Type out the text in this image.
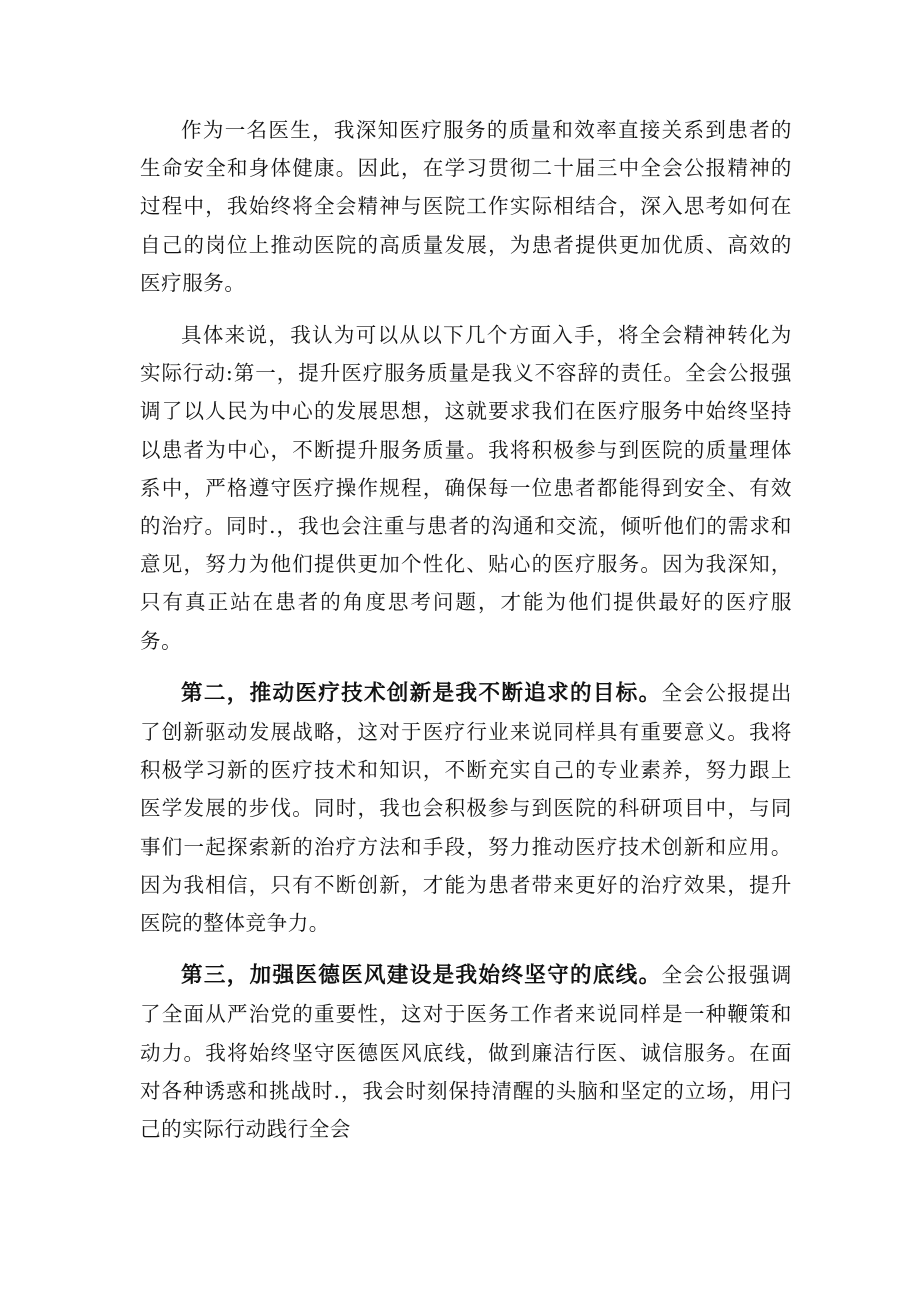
作为一名医生，我深知医疗服务的质量和效率直接关系到患者的生命安全和身体健康。因此，在学习贯彻二十届三中全会公报精神的过程中，我始终将全会精神与医院工作实际相结合，深入思考如何在自己的岗位上推动医院的高质量发展，为患者提供更加优质、高效的医疗服务。

具体来说，我认为可以从以下几个方面入手，将全会精神转化为实际行动:第一，提升医疗服务质量是我义不容辞的责任。全会公报强调了以人民为中心的发展思想，这就要求我们在医疗服务中始终坚持以患者为中心，不断提升服务质量。我将积极参与到医院的质量理体系中，严格遵守医疗操作规程，确保每一位患者都能得到安全、有效的治疗。同时.，我也会注重与患者的沟通和交流，倾听他们的需求和意见，努力为他们提供更加个性化、贴心的医疗服务。因为我深知，只有真正站在患者的角度思考问题，才能为他们提供最好的医疗服务。

第二，推动医疗技术创新是我不断追求的目标。全会公报提出了创新驱动发展战略，这对于医疗行业来说同样具有重要意义。我将积极学习新的医疗技术和知识，不断充实自己的专业素养，努力跟上医学发展的步伐。同时，我也会积极参与到医院的科研项目中，与同事们一起探索新的治疗方法和手段，努力推动医疗技术创新和应用。因为我相信，只有不断创新，才能为患者带来更好的治疗效果，提升医院的整体竞争力。

第三，加强医德医风建设是我始终坚守的底线。全会公报强调了全面从严治党的重要性，这对于医务工作者来说同样是一种鞭策和动力。我将始终坚守医德医风底线，做到廉洁行医、诚信服务。在面对各种诱惑和挑战时.，我会时刻保持清醒的头脑和坚定的立场，用闩己的实际行动践行全会
